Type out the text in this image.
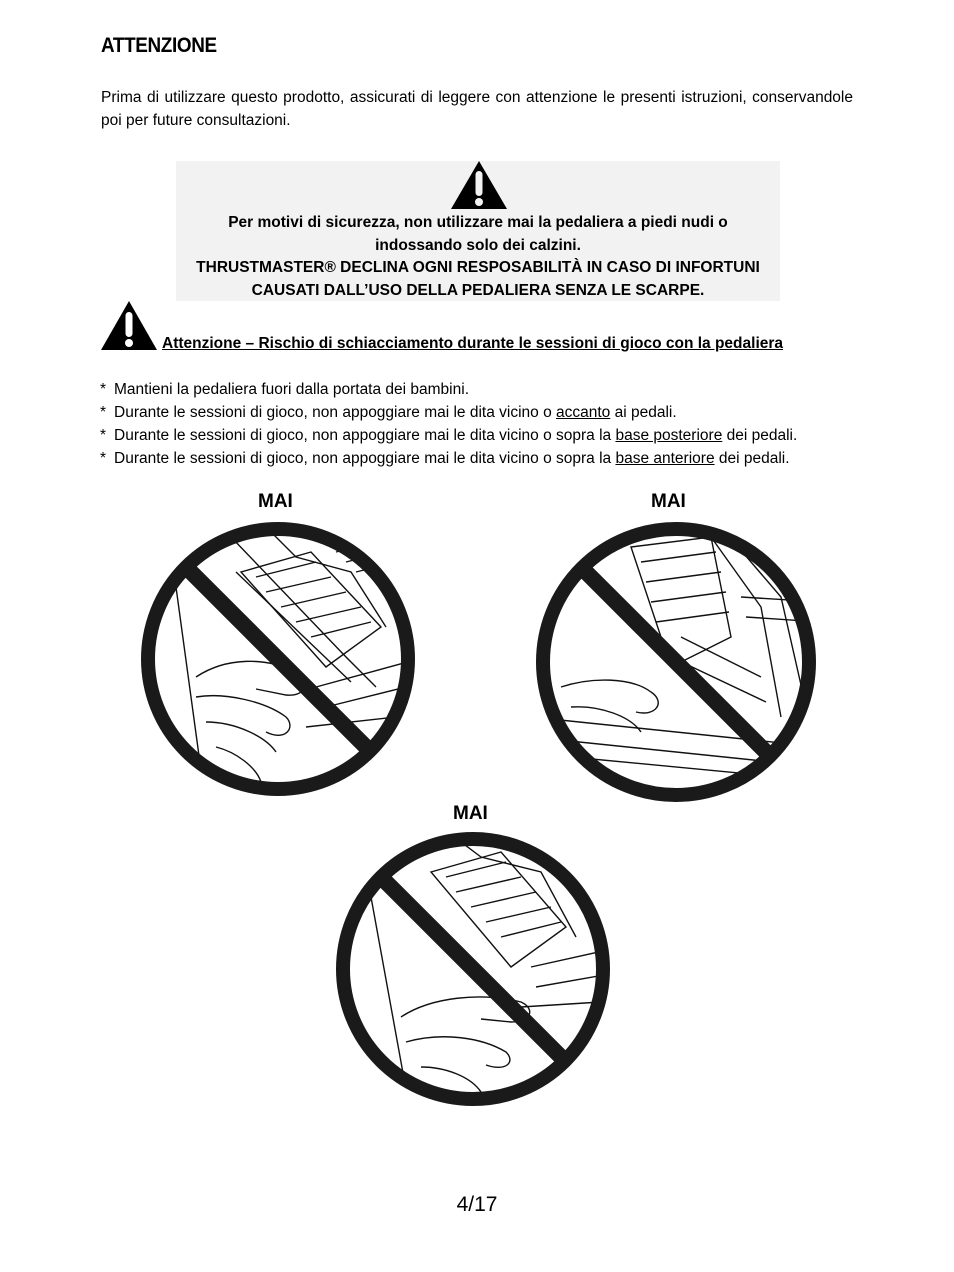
ATTENZIONE
Prima di utilizzare questo prodotto, assicurati di leggere con attenzione le presenti istruzioni, conservandole poi per future consultazioni.
Per motivi di sicurezza, non utilizzare mai la pedaliera a piedi nudi o
indossando solo dei calzini.
THRUSTMASTER® DECLINA OGNI RESPOSABILITÀ IN CASO DI INFORTUNI
CAUSATI DALL’USO DELLA PEDALIERA SENZA LE SCARPE.
Attenzione – Rischio di schiacciamento durante le sessioni di gioco con la pedaliera
* Mantieni la pedaliera fuori dalla portata dei bambini.
* Durante le sessioni di gioco, non appoggiare mai le dita vicino o accanto ai pedali.
* Durante le sessioni di gioco, non appoggiare mai le dita vicino o sopra la base posteriore dei pedali.
* Durante le sessioni di gioco, non appoggiare mai le dita vicino o sopra la base anteriore dei pedali.
MAI	MAI
MAI
4/17
